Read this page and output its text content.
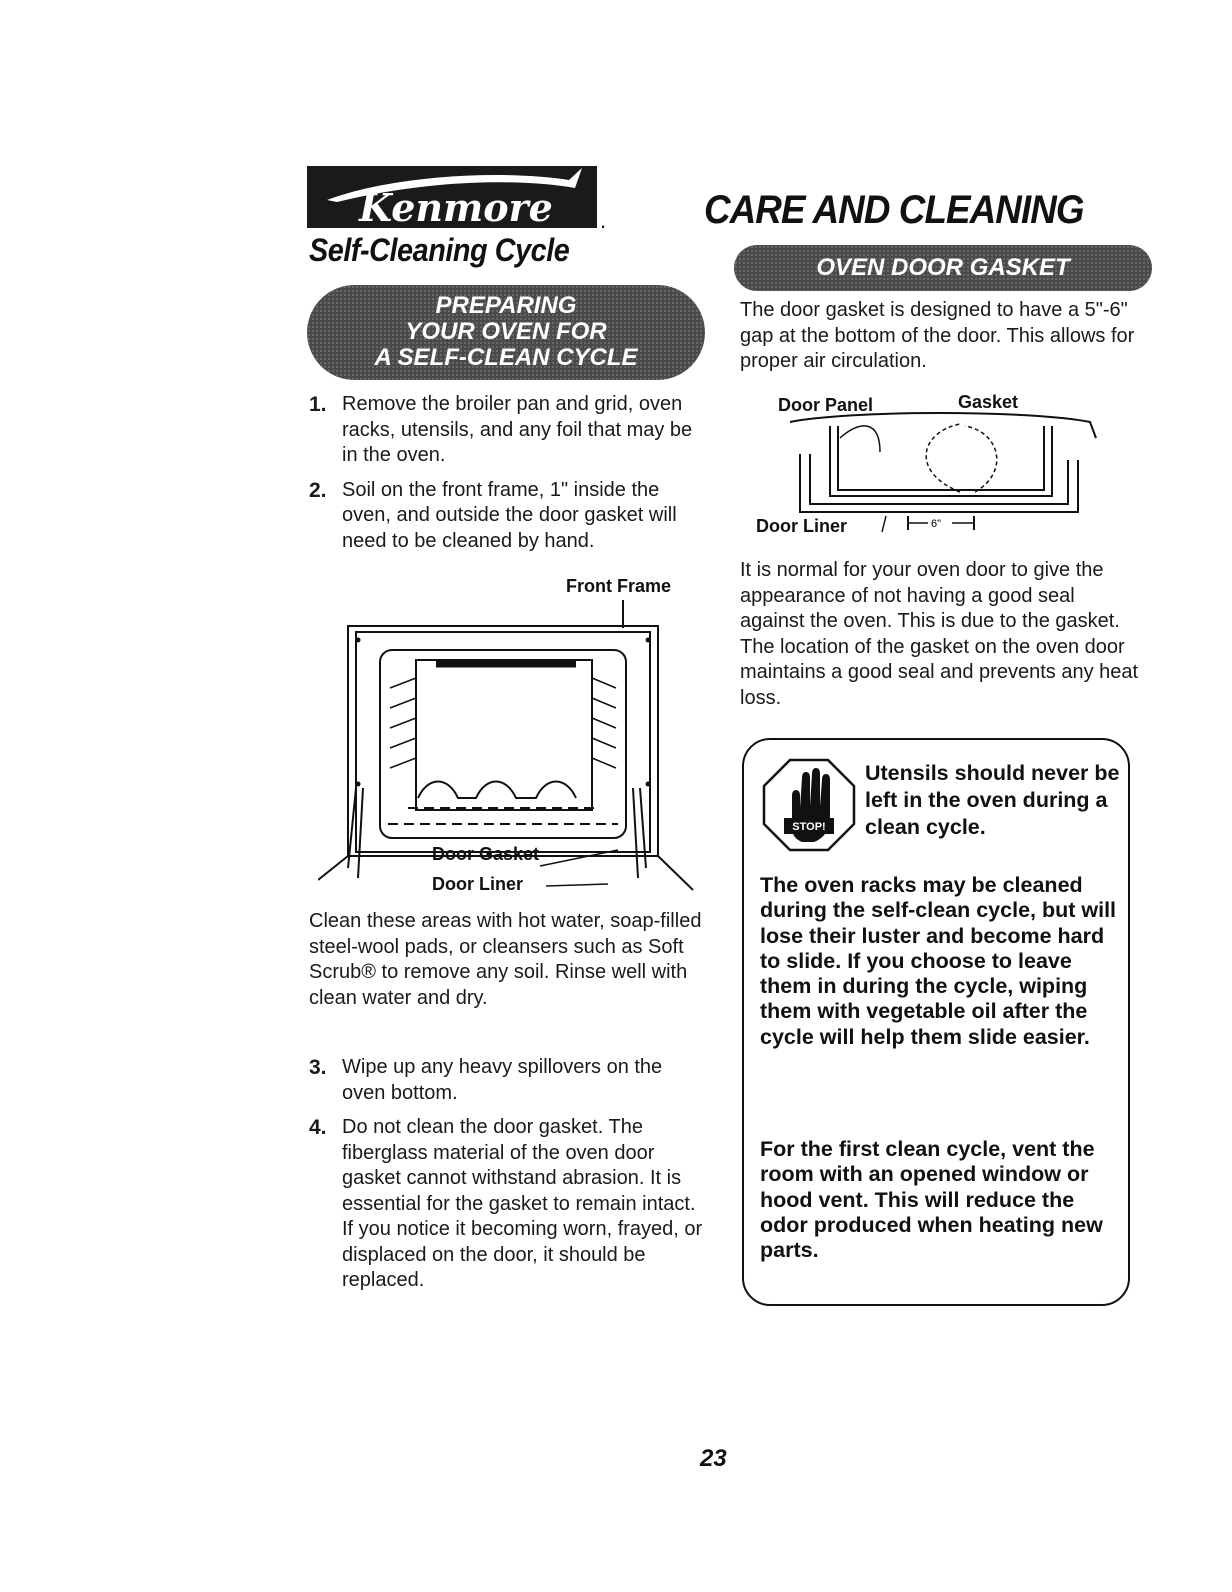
Kenmore . CARE AND CLEANING
Self-Cleaning Cycle
PREPARING
YOUR OVEN FOR
A SELF-CLEAN CYCLE
1. Remove the broiler pan and grid, oven racks, utensils, and any foil that may be in the oven.
2. Soil on the front frame, 1" inside the oven, and outside the door gasket will need to be cleaned by hand.
Front Frame
Door Gasket
Door Liner
Clean these areas with hot water, soap-filled steel-wool pads, or cleansers such as Soft Scrub® to remove any soil. Rinse well with clean water and dry.
3. Wipe up any heavy spillovers on the oven bottom.
4. Do not clean the door gasket. The fiberglass material of the oven door gasket cannot withstand abrasion. It is essential for the gasket to remain intact. If you notice it becoming worn, frayed, or displaced on the door, it should be replaced.
OVEN DOOR GASKET
The door gasket is designed to have a 5"-6" gap at the bottom of the door. This allows for proper air circulation.
Door Panel	Gasket
6"
Door Liner
It is normal for your oven door to give the appearance of not having a good seal against the oven. This is due to the gasket. The location of the gasket on the oven door maintains a good seal and prevents any heat loss.
STOP!
Utensils should never be left in the oven during a clean cycle.
The oven racks may be cleaned during the self-clean cycle, but will lose their luster and become hard to slide. If you choose to leave them in during the cycle, wiping them with vegetable oil after the cycle will help them slide easier.
For the first clean cycle, vent the room with an opened window or hood vent. This will reduce the odor produced when heating new parts.
23
